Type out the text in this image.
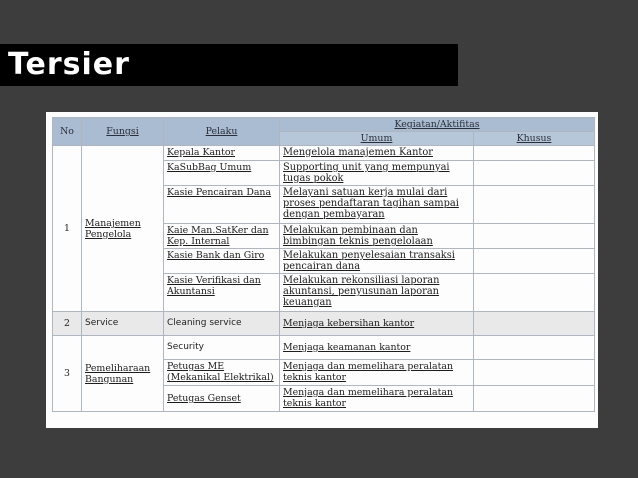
Tersier
No	Fungsi	Pelaku	Kegiatan/Aktifitas	
			Umum	Khusus
1	Manajemen Pengelola	Kepala Kantor	Mengelola manajemen Kantor	
		KaSubBag Umum	Supporting unit yang mempunyai tugas pokok	
		Kasie Pencairan Dana	Melayani satuan kerja mulai dari proses pendaftaran tagihan sampai dengan pembayaran	
		Kaie Man.SatKer dan Kep. Internal	Melakukan pembinaan dan bimbingan teknis pengelolaan	
		Kasie Bank dan Giro	Melakukan penyelesaian transaksi pencairan dana	
		Kasie Verifikasi dan Akuntansi	Melakukan rekonsiliasi laporan akuntansi, penyusunan laporan keuangan	
2	Service	Cleaning service	Menjaga kebersihan kantor	
3	Pemeliharaan Bangunan	Security	Menjaga keamanan kantor	
		Petugas ME (Mekanikal Elektrikal)	Menjaga dan memelihara peralatan teknis kantor	
		Petugas Genset	Menjaga dan memelihara peralatan teknis kantor	
